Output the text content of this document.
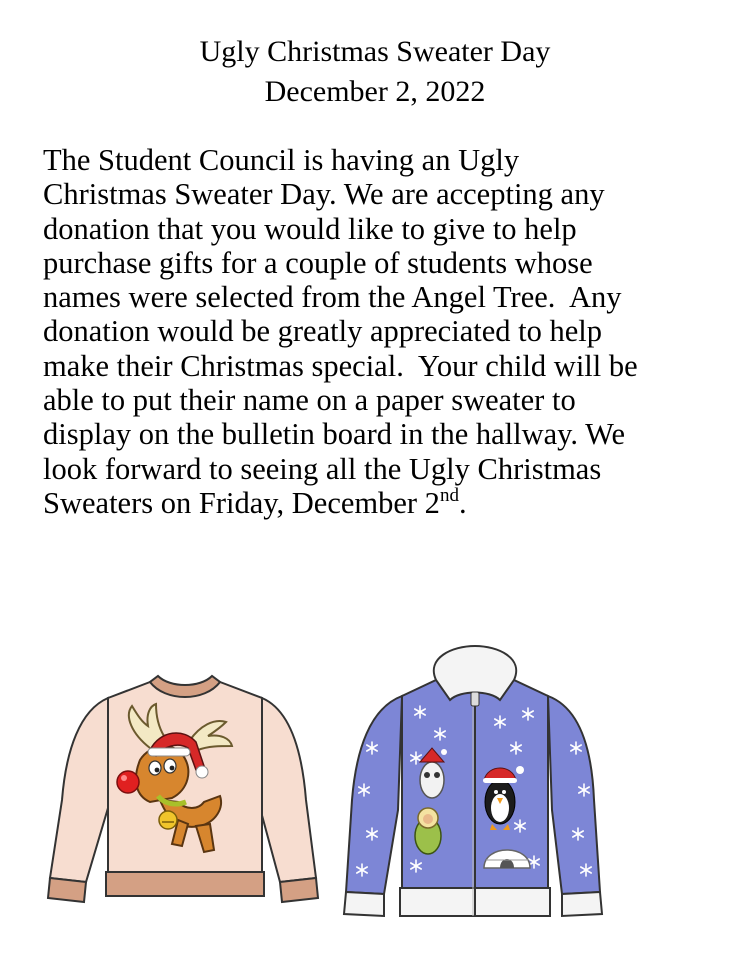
Ugly Christmas Sweater Day
December 2, 2022
The Student Council is having an Ugly
Christmas Sweater Day. We are accepting any
donation that you would like to give to help
purchase gifts for a couple of students whose
names were selected from the Angel Tree.  Any
donation would be greatly appreciated to help
make their Christmas special.  Your child will be
able to put their name on a paper sweater to
display on the bulletin board in the hallway. We
look forward to seeing all the Ugly Christmas
Sweaters on Friday, December 2nd.
